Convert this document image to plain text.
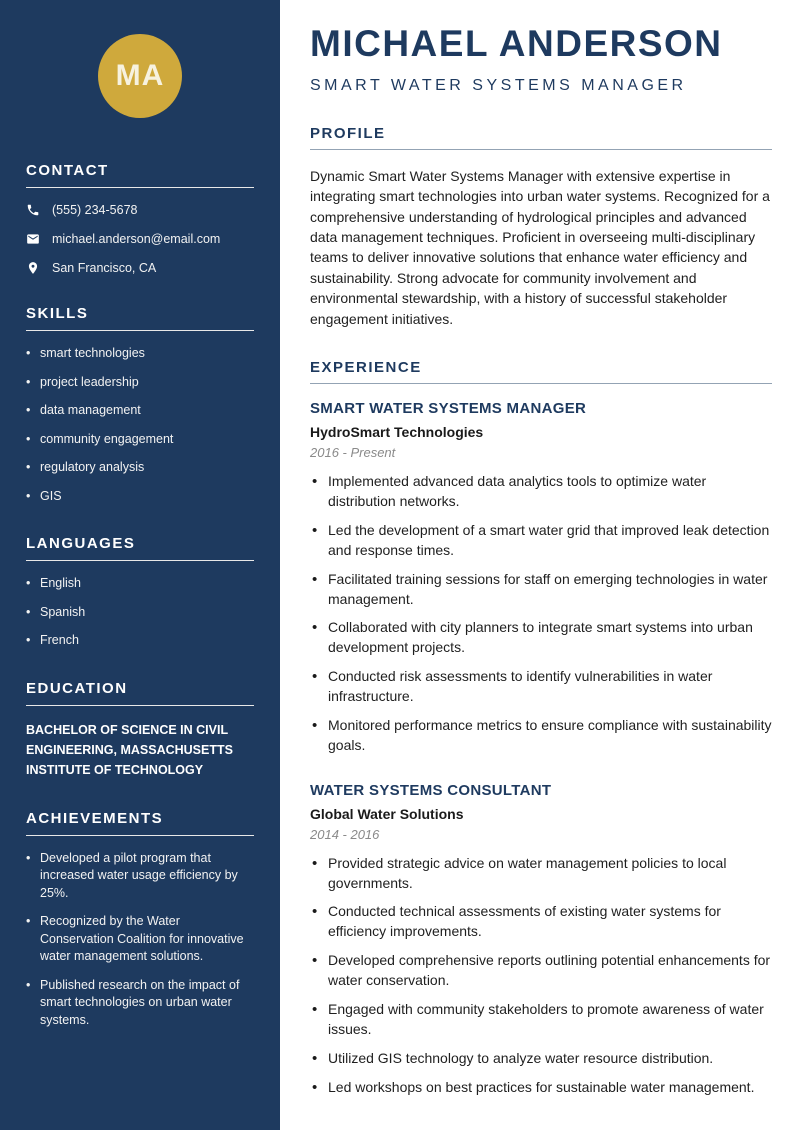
MA
CONTACT
(555) 234-5678
michael.anderson@email.com
San Francisco, CA
SKILLS
• smart technologies
• project leadership
• data management
• community engagement
• regulatory analysis
• GIS
LANGUAGES
• English
• Spanish
• French
EDUCATION
BACHELOR OF SCIENCE IN CIVIL ENGINEERING, MASSACHUSETTS INSTITUTE OF TECHNOLOGY
ACHIEVEMENTS
• Developed a pilot program that increased water usage efficiency by 25%.
• Recognized by the Water Conservation Coalition for innovative water management solutions.
• Published research on the impact of smart technologies on urban water systems.
MICHAEL ANDERSON
SMART WATER SYSTEMS MANAGER
PROFILE

Dynamic Smart Water Systems Manager with extensive expertise in integrating smart technologies into urban water systems. Recognized for a comprehensive understanding of hydrological principles and advanced data management techniques. Proficient in overseeing multi-disciplinary teams to deliver innovative solutions that enhance water efficiency and sustainability. Strong advocate for community involvement and environmental stewardship, with a history of successful stakeholder engagement initiatives.

EXPERIENCE
SMART WATER SYSTEMS MANAGER
HydroSmart Technologies
2016 - Present
• Implemented advanced data analytics tools to optimize water distribution networks.
• Led the development of a smart water grid that improved leak detection and response times.
• Facilitated training sessions for staff on emerging technologies in water management.
• Collaborated with city planners to integrate smart systems into urban development projects.
• Conducted risk assessments to identify vulnerabilities in water infrastructure.
• Monitored performance metrics to ensure compliance with sustainability goals.
WATER SYSTEMS CONSULTANT
Global Water Solutions
2014 - 2016
• Provided strategic advice on water management policies to local governments.
• Conducted technical assessments of existing water systems for efficiency improvements.
• Developed comprehensive reports outlining potential enhancements for water conservation.
• Engaged with community stakeholders to promote awareness of water issues.
• Utilized GIS technology to analyze water resource distribution.
• Led workshops on best practices for sustainable water management.
